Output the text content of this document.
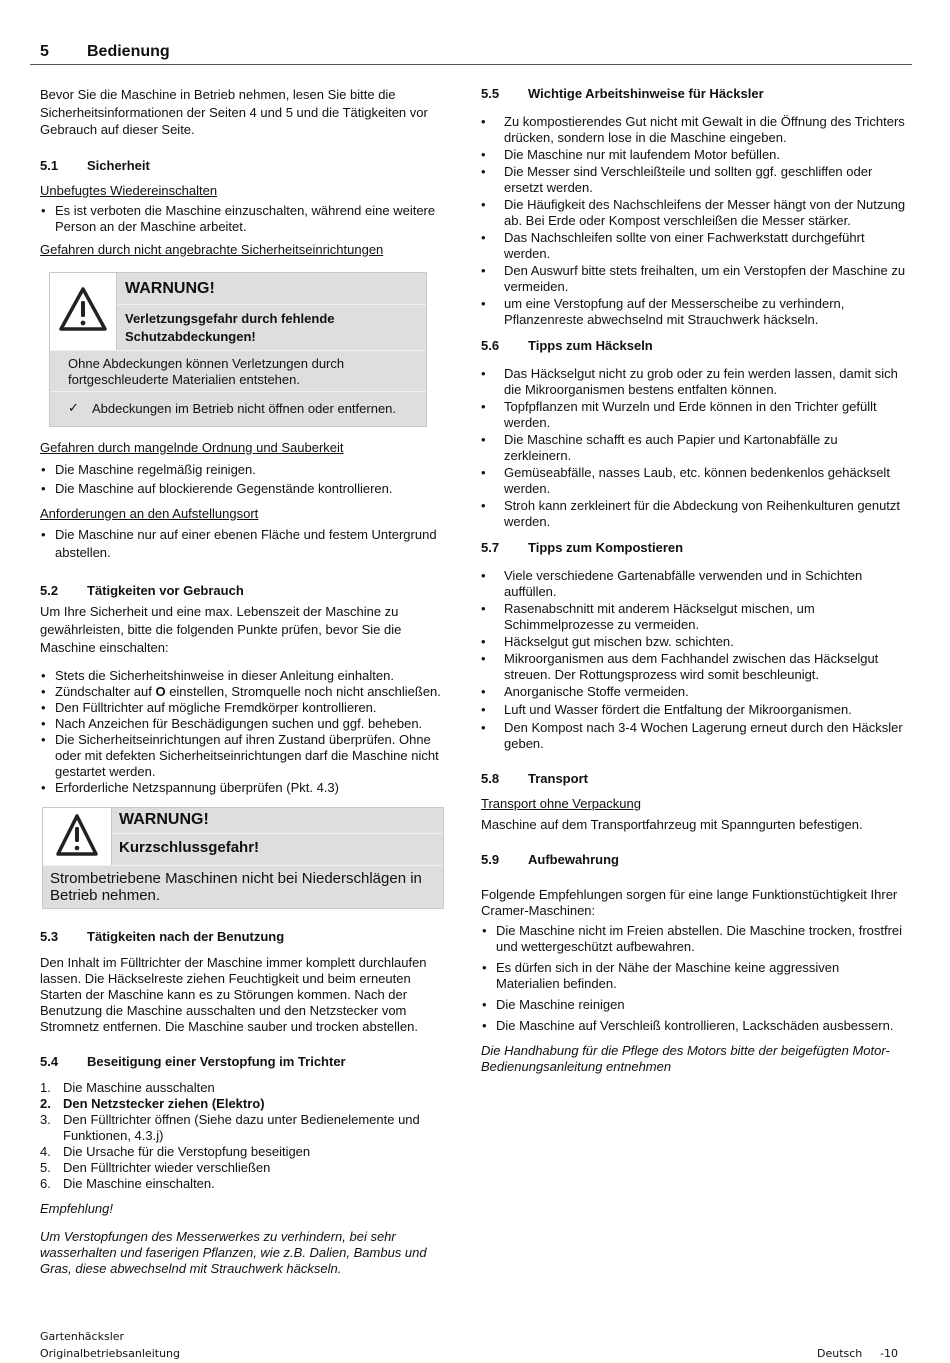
5 Bedienung

Bevor Sie die Maschine in Betrieb nehmen, lesen Sie bitte die Sicherheitsinformationen der Seiten 4 und 5 und die Tätigkeiten vor Gebrauch auf dieser Seite.

5.1 Sicherheit

Unbefugtes Wiedereinschalten

• Es ist verboten die Maschine einzuschalten, während eine weitere Person an der Maschine arbeitet.

Gefahren durch nicht angebrachte Sicherheitseinrichtungen

WARNUNG!
Verletzungsgefahr durch fehlende Schutzabdeckungen!
Ohne Abdeckungen können Verletzungen durch fortgeschleuderte Materialien entstehen.
✓ Abdeckungen im Betrieb nicht öffnen oder entfernen.

Gefahren durch mangelnde Ordnung und Sauberkeit

• Die Maschine regelmäßig reinigen.
• Die Maschine auf blockierende Gegenstände kontrollieren.

Anforderungen an den Aufstellungsort

• Die Maschine nur auf einer ebenen Fläche und festem Untergrund abstellen.

5.2 Tätigkeiten vor Gebrauch

Um Ihre Sicherheit und eine max. Lebenszeit der Maschine zu gewährleisten, bitte die folgenden Punkte prüfen, bevor Sie die Maschine einschalten:

• Stets die Sicherheitshinweise in dieser Anleitung einhalten.
• Zündschalter auf O einstellen, Stromquelle noch nicht anschließen.
• Den Fülltrichter auf mögliche Fremdkörper kontrollieren.
• Nach Anzeichen für Beschädigungen suchen und ggf. beheben.
• Die Sicherheitseinrichtungen auf ihren Zustand überprüfen. Ohne oder mit defekten Sicherheitseinrichtungen darf die Maschine nicht gestartet werden.
• Erforderliche Netzspannung überprüfen (Pkt. 4.3)
WARNUNG!
Kurzschlussgefahr!
Strombetriebene Maschinen nicht bei Niederschlägen in Betrieb nehmen.

5.3 Tätigkeiten nach der Benutzung

Den Inhalt im Fülltrichter der Maschine immer komplett durchlaufen lassen. Die Häckselreste ziehen Feuchtigkeit und beim erneuten Starten der Maschine kann es zu Störungen kommen. Nach der Benutzung die Maschine ausschalten und den Netzstecker vom Stromnetz entfernen. Die Maschine sauber und trocken abstellen.

5.4 Beseitigung einer Verstopfung im Trichter

1. Die Maschine ausschalten
2. Den Netzstecker ziehen (Elektro)
3. Den Fülltrichter öffnen (Siehe dazu unter Bedienelemente und Funktionen, 4.3.j)
4. Die Ursache für die Verstopfung beseitigen
5. Den Fülltrichter wieder verschließen
6. Die Maschine einschalten.

Empfehlung!

Um Verstopfungen des Messerwerkes zu verhindern, bei sehr wasserhalten und faserigen Pflanzen, wie z.B. Dalien, Bambus und Gras, diese abwechselnd mit Strauchwerk häckseln.

5.5 Wichtige Arbeitshinweise für Häcksler

• Zu kompostierendes Gut nicht mit Gewalt in die Öffnung des Trichters drücken, sondern lose in die Maschine eingeben.
• Die Maschine nur mit laufendem Motor befüllen.
• Die Messer sind Verschleißteile und sollten ggf. geschliffen oder ersetzt werden.
• Die Häufigkeit des Nachschleifens der Messer hängt von der Nutzung ab. Bei Erde oder Kompost verschleißen die Messer stärker.
• Das Nachschleifen sollte von einer Fachwerkstatt durchgeführt werden.
• Den Auswurf bitte stets freihalten, um ein Verstopfen der Maschine zu vermeiden.
• um eine Verstopfung auf der Messerscheibe zu verhindern, Pflanzenreste abwechselnd mit Strauchwerk häckseln.

5.6 Tipps zum Häckseln

• Das Häckselgut nicht zu grob oder zu fein werden lassen, damit sich die Mikroorganismen bestens entfalten können.
• Topfpflanzen mit Wurzeln und Erde können in den Trichter gefüllt werden.
• Die Maschine schafft es auch Papier und Kartonabfälle zu zerkleinern.
• Gemüseabfälle, nasses Laub, etc. können bedenkenlos gehäckselt werden.
• Stroh kann zerkleinert für die Abdeckung von Reihenkulturen genutzt werden.

5.7 Tipps zum Kompostieren

• Viele verschiedene Gartenabfälle verwenden und in Schichten auffüllen.
• Rasenabschnitt mit anderem Häckselgut mischen, um Schimmelprozesse zu vermeiden.
• Häckselgut gut mischen bzw. schichten.
• Mikroorganismen aus dem Fachhandel zwischen das Häckselgut streuen. Der Rottungsprozess wird somit beschleunigt.
• Anorganische Stoffe vermeiden.
• Luft und Wasser fördert die Entfaltung der Mikroorganismen.
• Den Kompost nach 3-4 Wochen Lagerung erneut durch den Häcksler geben.

5.8 Transport

Transport ohne Verpackung

Maschine auf dem Transportfahrzeug mit Spanngurten befestigen.

5.9 Aufbewahrung

Folgende Empfehlungen sorgen für eine lange Funktionstüchtigkeit Ihrer Cramer-Maschinen:

• Die Maschine nicht im Freien abstellen. Die Maschine trocken, frostfrei und wettergeschützt aufbewahren.
• Es dürfen sich in der Nähe der Maschine keine aggressiven Materialien befinden.
• Die Maschine reinigen
• Die Maschine auf Verschleiß kontrollieren, Lackschäden ausbessern.

Die Handhabung für die Pflege des Motors bitte der beigefügten Motor-Bedienungsanleitung entnehmen

Gartenhäcksler
Originalbetriebsanleitung	Deutsch -10
